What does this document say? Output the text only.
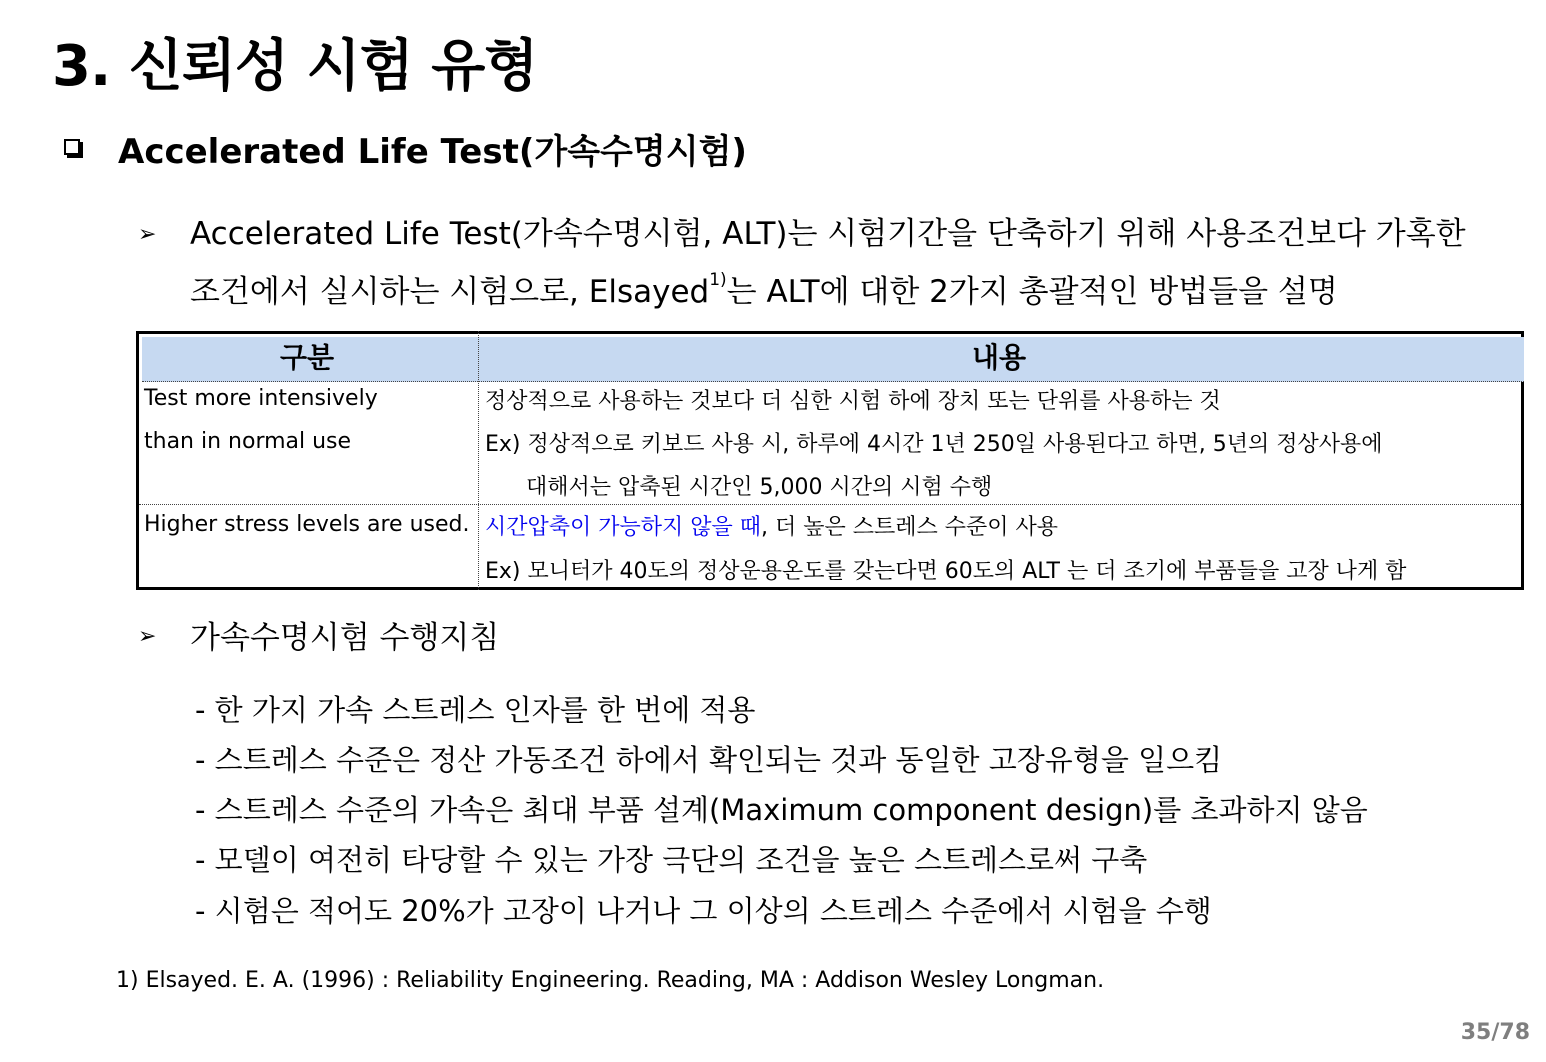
3. 신뢰성 시험 유형
Accelerated Life Test(가속수명시험)
➢ Accelerated Life Test(가속수명시험, ALT)는 시험기간을 단축하기 위해 사용조건보다 가혹한
조건에서 실시하는 시험으로, Elsayed$^{1)}$는 ALT에 대한 2가지 총괄적인 방법들을 설명
구분	내용
Test more intensively
than in normal use
정상적으로 사용하는 것보다 더 심한 시험 하에 장치 또는 단위를 사용하는 것
Ex) 정상적으로 키보드 사용 시, 하루에 4시간 1년 250일 사용된다고 하면, 5년의 정상사용에
대해서는 압축된 시간인 5,000 시간의 시험 수행
Higher stress levels are used. 시간압축이 가능하지 않을 때, 더 높은 스트레스 수준이 사용
Ex) 모니터가 40도의 정상운용온도를 갖는다면 60도의 ALT 는 더 조기에 부품들을 고장 나게 함
➢ 가속수명시험 수행지침
- 한 가지 가속 스트레스 인자를 한 번에 적용
- 스트레스 수준은 정산 가동조건 하에서 확인되는 것과 동일한 고장유형을 일으킴
- 스트레스 수준의 가속은 최대 부품 설계(Maximum component design)를 초과하지 않음
- 모델이 여전히 타당할 수 있는 가장 극단의 조건을 높은 스트레스로써 구축
- 시험은 적어도 20%가 고장이 나거나 그 이상의 스트레스 수준에서 시험을 수행
1) Elsayed. E. A. (1996) : Reliability Engineering. Reading, MA : Addison Wesley Longman.
35/78
